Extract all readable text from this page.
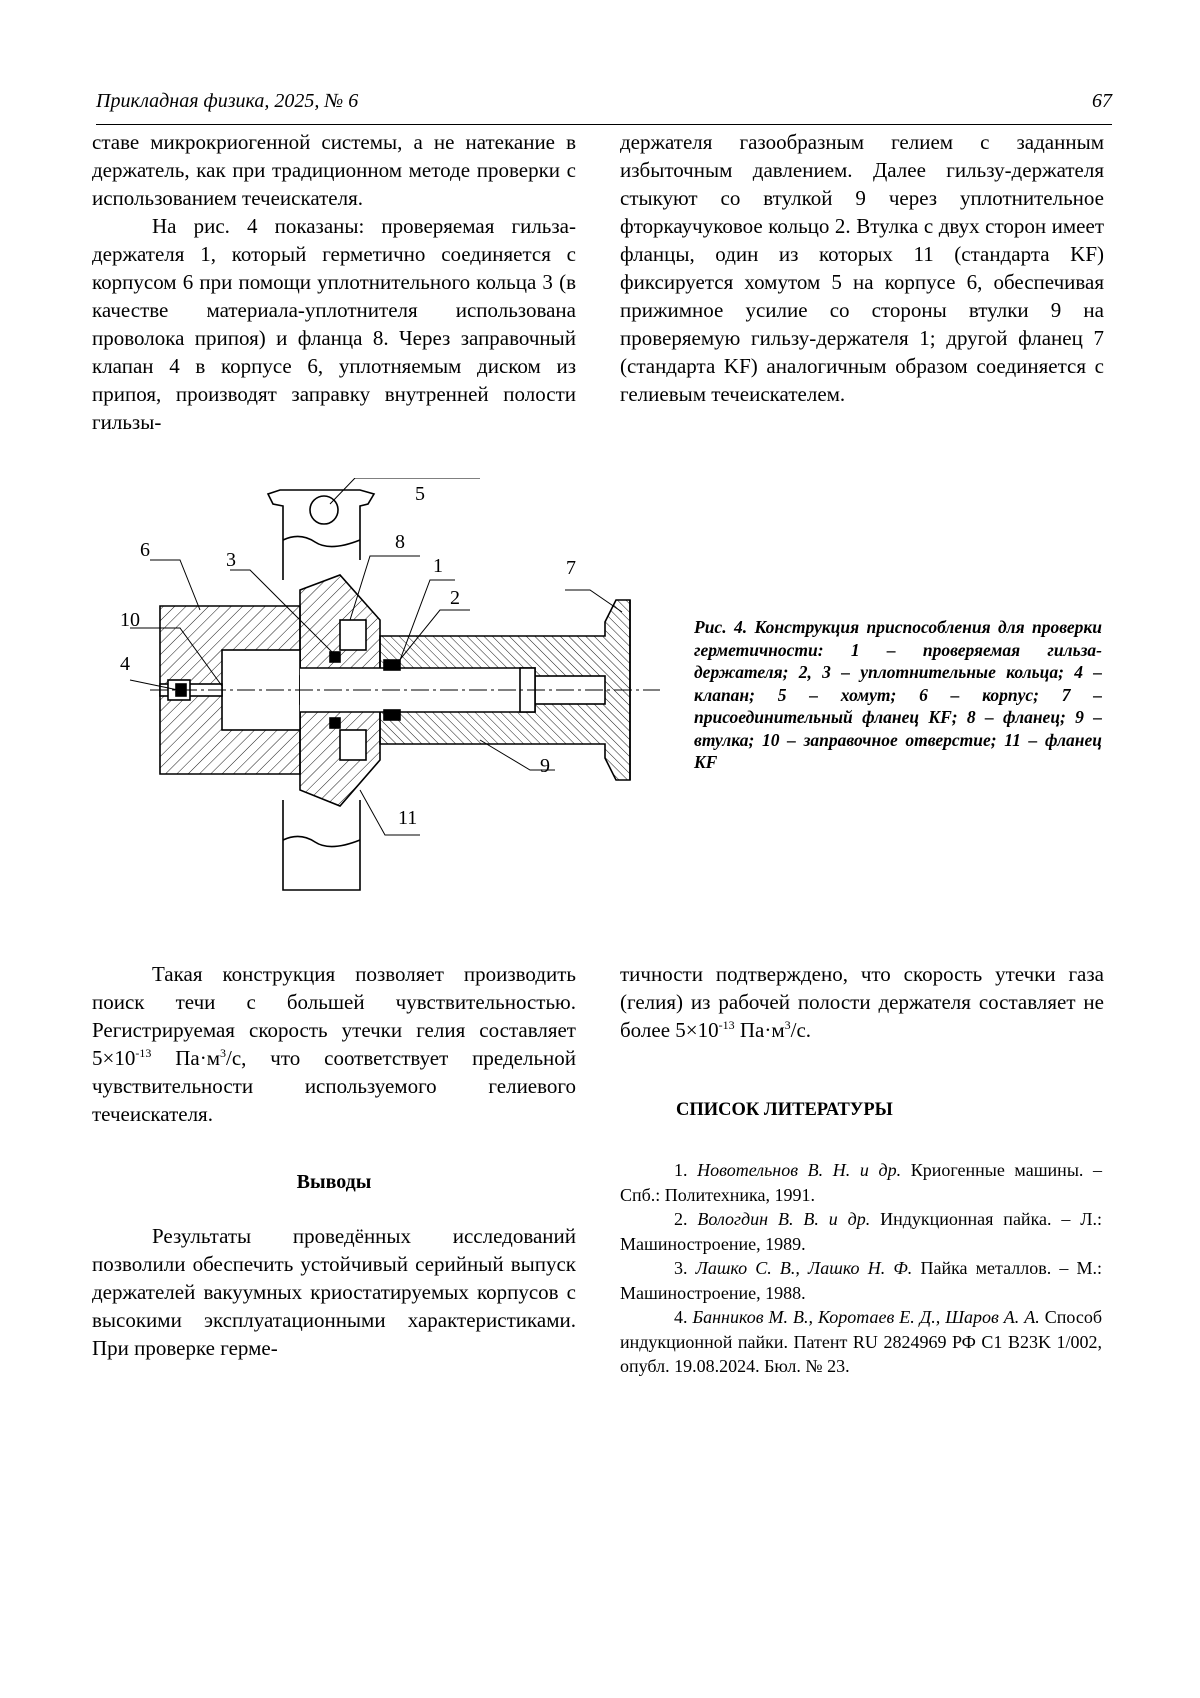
Прикладная физика, 2025, № 6	67

ставе микрокриогенной системы, а не натекание в держатель, как при традиционном методе проверки с использованием течеискателя.

На рис. 4 показаны: проверяемая гильза-держателя 1, который герметично соединяется с корпусом 6 при помощи уплотнительного кольца 3 (в качестве материала-уплотнителя использована проволока припоя) и фланца 8. Через заправочный клапан 4 в корпусе 6, уплотняемым диском из припоя, производят заправку внутренней полости гильзы-

держателя газообразным гелием с заданным избыточным давлением. Далее гильзу-держателя стыкуют со втулкой 9 через уплотнительное фторкаучуковое кольцо 2. Втулка с двух сторон имеет фланцы, один из которых 11 (стандарта KF) фиксируется хомутом 5 на корпусе 6, обеспечивая прижимное усилие со стороны втулки 9 на проверяемую гильзу-держателя 1; другой фланец 7 (стандарта KF) аналогичным образом соединяется с гелиевым течеискателем.

5
8
1
2
3
6
10
4
7
9
11
Рис. 4. Конструкция приспособления для проверки герметичности: 1 – проверяемая гильза-держателя; 2, 3 – уплотнительные кольца; 4 – клапан; 5 – хомут; 6 – корпус; 7 – присоединительный фланец KF; 8 – фланец; 9 – втулка; 10 – заправочное отверстие; 11 – фланец KF

Такая конструкция позволяет производить поиск течи с большей чувствительностью. Регистрируемая скорость утечки гелия составляет $5\times 10^{-13}$ $Па\cdot м^3/с$, что соответствует предельной чувствительности используемого гелиевого течеискателя.

Выводы

Результаты проведённых исследований позволили обеспечить устойчивый серийный выпуск держателей вакуумных криостатируемых корпусов с высокими эксплуатационными характеристиками. При проверке герме-

тичности подтверждено, что скорость утечки газа (гелия) из рабочей полости держателя составляет не более $5\times 10^{-13}$ $Па\cdot м^3/с$.

СПИСОК ЛИТЕРАТУРЫ

1. Новотельнов В. Н. и др. Криогенные машины. – Спб.: Политехника, 1991.

2. Вологдин В. В. и др. Индукционная пайка. – Л.: Машиностроение, 1989.

3. Лашко С. В., Лашко Н. Ф. Пайка металлов. – М.: Машиностроение, 1988.

4. Банников М. В., Коротаев Е. Д., Шаров А. А. Способ индукционной пайки. Патент RU 2824969 РФ C1 B23K 1/002, опубл. 19.08.2024. Бюл. № 23.
